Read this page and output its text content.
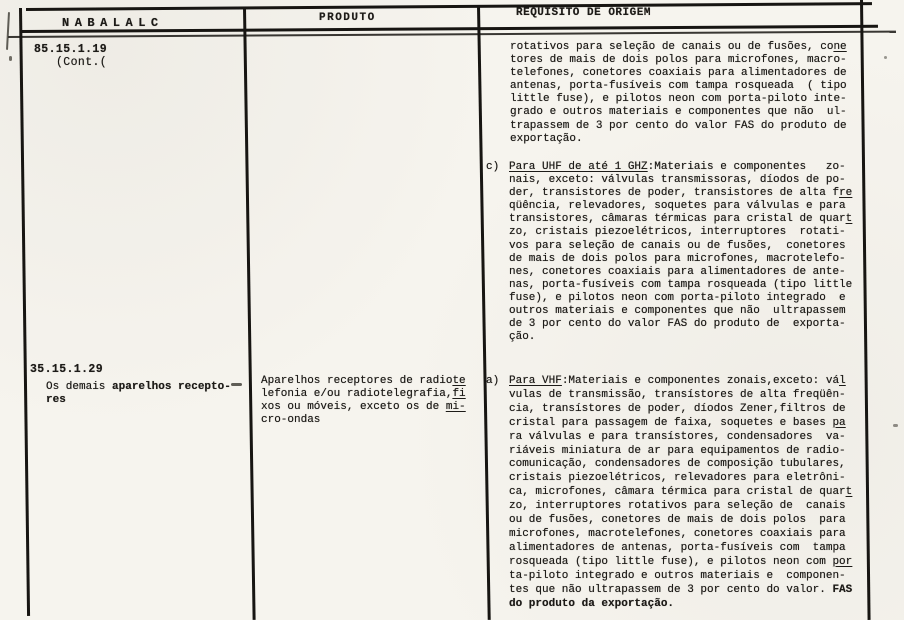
NABALALC	PRODUTO	REQUISITO DE ORIGEM
85.15.1.19
(Cont.(
35.15.1.29
Os demais aparelhos recepto-
res
Aparelhos receptores de radiote
lefonia e/ou radiotelegrafia,fi
xos ou móveis, exceto os de mi-
cro-ondas
rotativos para seleção de canais ou de fusões, cone
tores de mais de dois polos para microfones, macro-
telefones, conetores coaxiais para alimentadores de
antenas, porta-fusíveis com tampa rosqueada  ( tipo
little fuse), e pilotos neon com porta-piloto inte-
grado e outros materiais e componentes que não  ul-
trapassem de 3 por cento do valor FAS do produto de
exportação.
c) Para UHF de até 1 GHZ:Materiais e componentes   zo-
nais, exceto: válvulas transmissoras, díodos de po-
der, transistores de poder, transistores de alta fre
qüência, relevadores, soquetes para válvulas e para
transistores, câmaras térmicas para cristal de quart
zo, cristais piezoelétricos, interruptores  rotati-
vos para seleção de canais ou de fusões,  conetores
de mais de dois polos para microfones, macrotelefo-
nes, conetores coaxiais para alimentadores de ante-
nas, porta-fusíveis com tampa rosqueada (tipo little
fuse), e pilotos neon com porta-piloto integrado  e
outros materiais e componentes que não  ultrapassem
de 3 por cento do valor FAS do produto de  exporta-
ção.
a) Para VHF:Materiais e componentes zonais,exceto: vál
vulas de transmissão, transístores de alta freqüên-
cia, transístores de poder, díodos Zener,filtros de
cristal para passagem de faixa, soquetes e bases pa
ra válvulas e para transístores, condensadores  va-
riáveis miniatura de ar para equipamentos de radio-
comunicação, condensadores de composição tubulares,
cristais piezoelétricos, relevadores para eletrôni-
ca, microfones, câmara térmica para cristal de quart
zo, interruptores rotativos para seleção de  canais
ou de fusões, conetores de mais de dois polos  para
microfones, macrotelefones, conetores coaxiais para
alimentadores de antenas, porta-fusíveis com  tampa
rosqueada (tipo little fuse), e pilotos neon com por
ta-piloto integrado e outros materiais e  componen-
tes que não ultrapassem de 3 por cento do valor. FAS
do produto da exportação.
